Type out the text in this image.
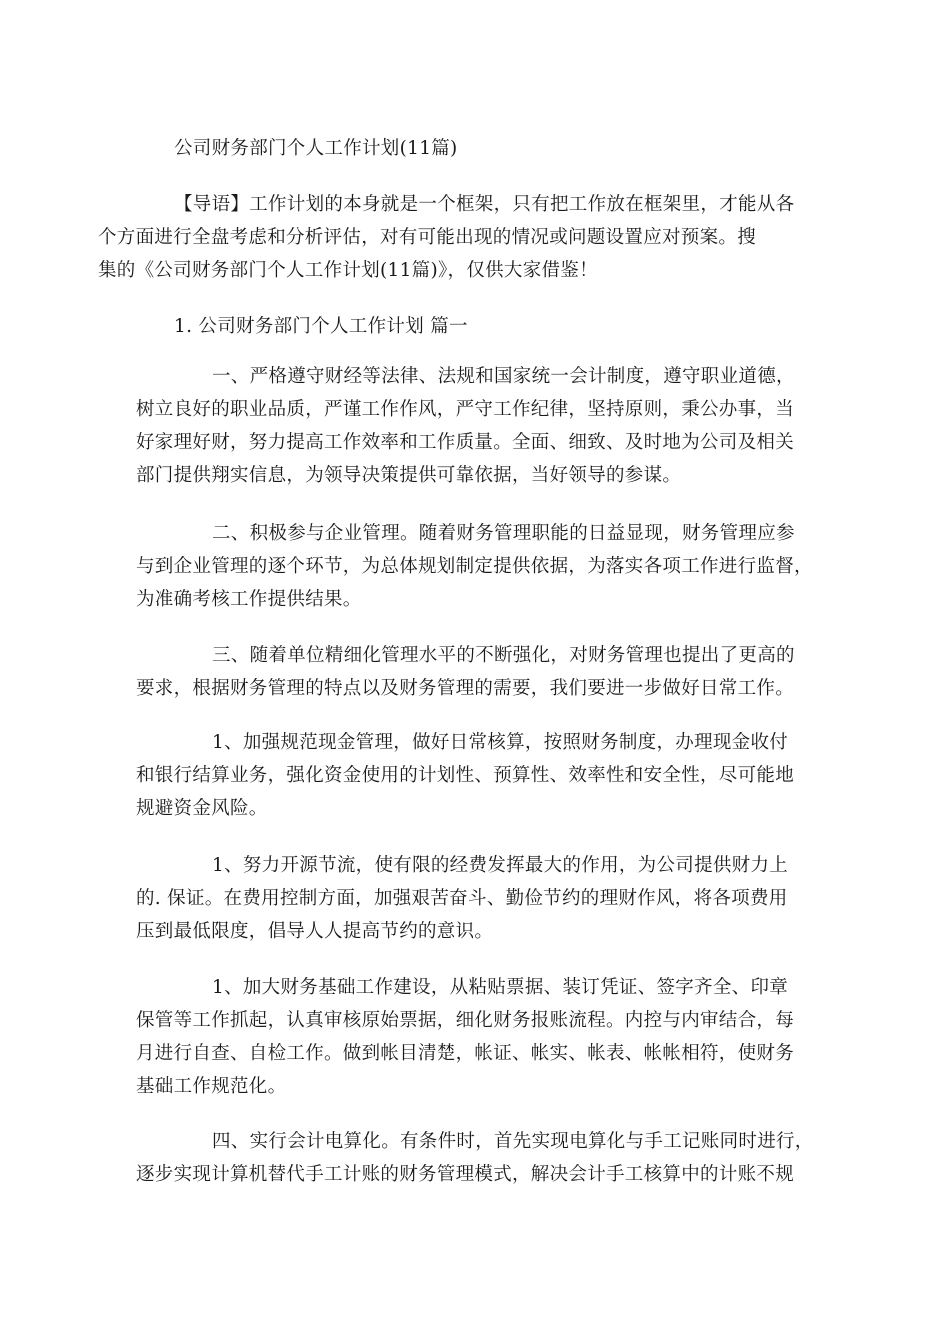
公司财务部门个人工作计划(11篇)

【导语】工作计划的本身就是一个框架，只有把工作放在框架里，才能从各
个方面进行全盘考虑和分析评估，对有可能出现的情况或问题设置应对预案。搜
集的《公司财务部门个人工作计划(11篇)》，仅供大家借鉴！

1. 公司财务部门个人工作计划 篇一

一、严格遵守财经等法律、法规和国家统一会计制度，遵守职业道德，
树立良好的职业品质，严谨工作作风，严守工作纪律，坚持原则，秉公办事，当
好家理好财，努力提高工作效率和工作质量。全面、细致、及时地为公司及相关
部门提供翔实信息，为领导决策提供可靠依据，当好领导的参谋。

二、积极参与企业管理。随着财务管理职能的日益显现，财务管理应参
与到企业管理的逐个环节，为总体规划制定提供依据，为落实各项工作进行监督，
为准确考核工作提供结果。

三、随着单位精细化管理水平的不断强化，对财务管理也提出了更高的
要求，根据财务管理的特点以及财务管理的需要，我们要进一步做好日常工作。

1、加强规范现金管理，做好日常核算，按照财务制度，办理现金收付
和银行结算业务，强化资金使用的计划性、预算性、效率性和安全性，尽可能地
规避资金风险。

1、努力开源节流，使有限的经费发挥最大的作用，为公司提供财力上
的. 保证。在费用控制方面，加强艰苦奋斗、勤俭节约的理财作风，将各项费用
压到最低限度，倡导人人提高节约的意识。

1、加大财务基础工作建设，从粘贴票据、装订凭证、签字齐全、印章
保管等工作抓起，认真审核原始票据，细化财务报账流程。内控与内审结合，每
月进行自查、自检工作。做到帐目清楚，帐证、帐实、帐表、帐帐相符，使财务
基础工作规范化。

四、实行会计电算化。有条件时，首先实现电算化与手工记账同时进行，
逐步实现计算机替代手工计账的财务管理模式，解决会计手工核算中的计账不规
